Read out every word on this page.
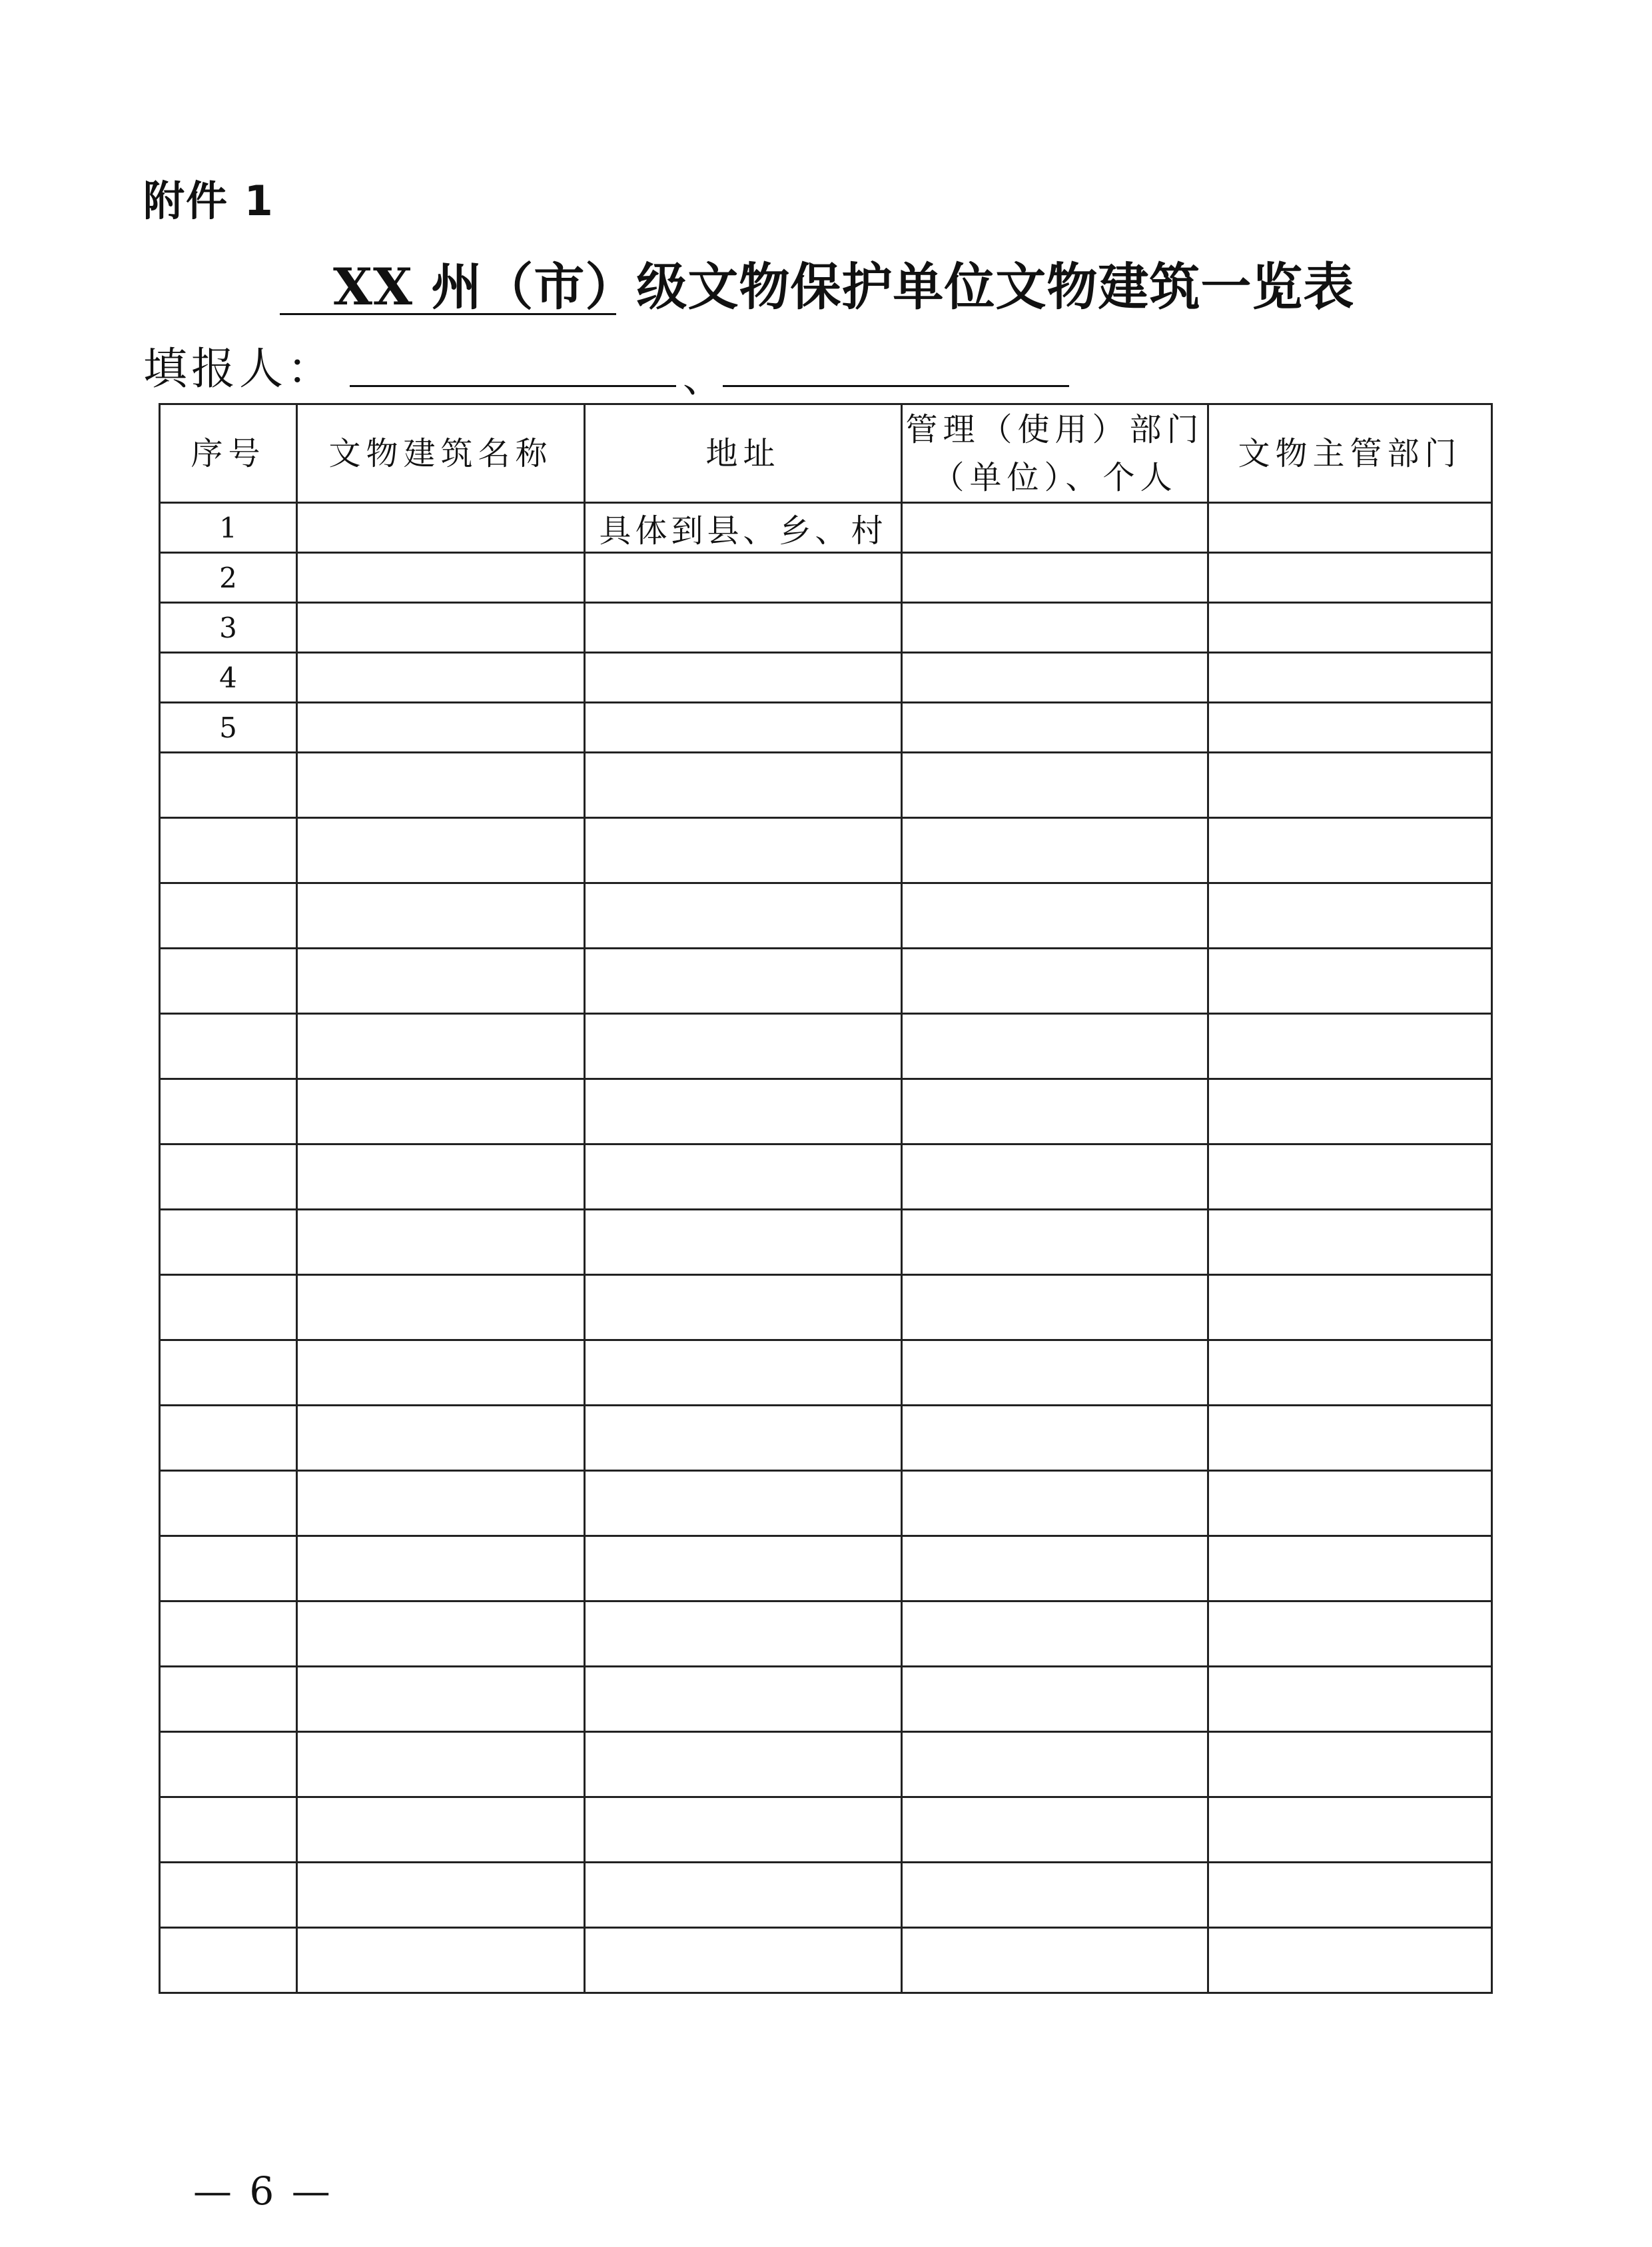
附件 1
XX 州（市）级文物保护单位文物建筑一览表
填报人：	、
序号	文物建筑名称	地址	管理（使用）部门（单位）、个人	文物主管部门
1		具体到县、乡、村		
2				
3				
4				
5				

— 6 —
